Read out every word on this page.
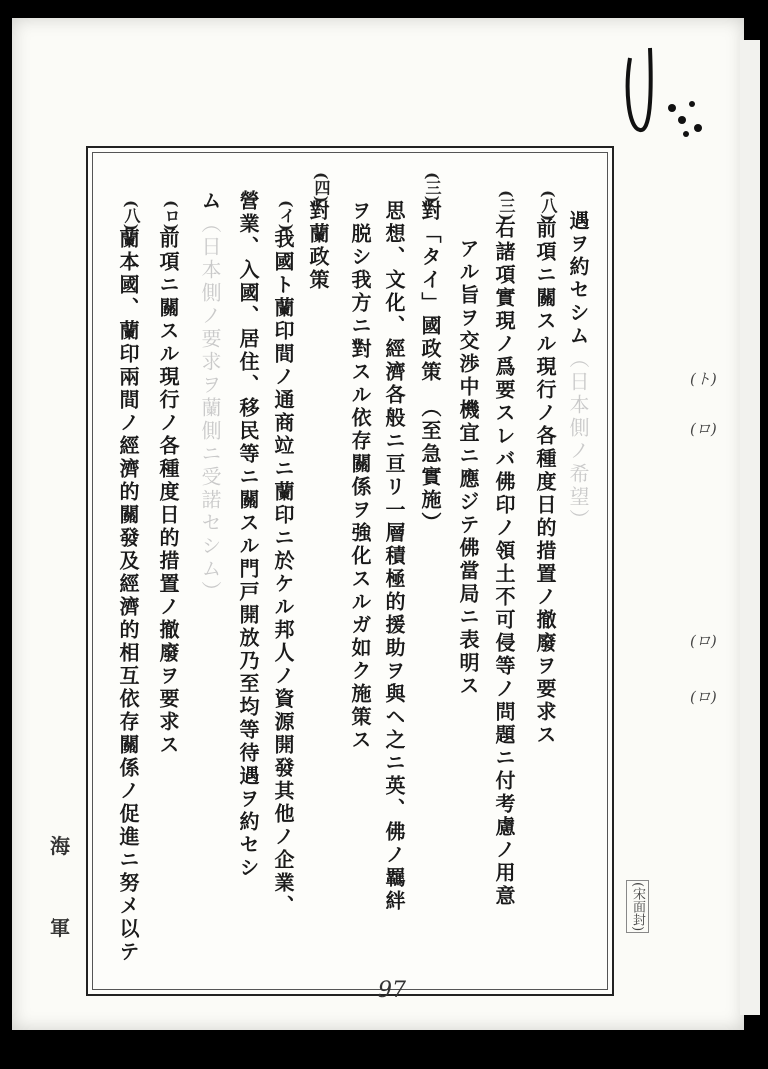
遇ヲ約セシム（日本側ノ希望）
(八)
前項ニ關スル現行ノ各種度日的措置ノ撤廢ヲ要求ス
(三)
右諸項實現ノ爲要スレバ佛印ノ領土不可侵等ノ問題ニ付考慮ノ用意
アル旨ヲ交渉中機宜ニ應ジテ佛當局ニ表明ス
(三)
對「タイ」國政策　（至急實施）
思想、文化、經濟各般ニ亘リ一層積極的援助ヲ與ヘ之ニ英、佛ノ羈絆
ヲ脱シ我方ニ對スル依存關係ヲ強化スルガ如ク施策ス
(四)
對蘭政策
(イ)
我國ト蘭印間ノ通商竝ニ蘭印ニ於ケル邦人ノ資源開發其他ノ企業、
營業、入國、居住、移民等ニ關スル門戸開放乃至均等待遇ヲ約セシ
ム（日本側ノ要求ヲ蘭側ニ受諾セシム）
(ロ)
前項ニ關スル現行ノ各種度日的措置ノ撤廢ヲ要求ス
(八)
蘭本國、蘭印兩間ノ經濟的關發及經濟的相互依存關係ノ促進ニ努メ以テ	(ト)
(ロ)
(ロ)
(ロ)
海
軍	(宋面封)
97
